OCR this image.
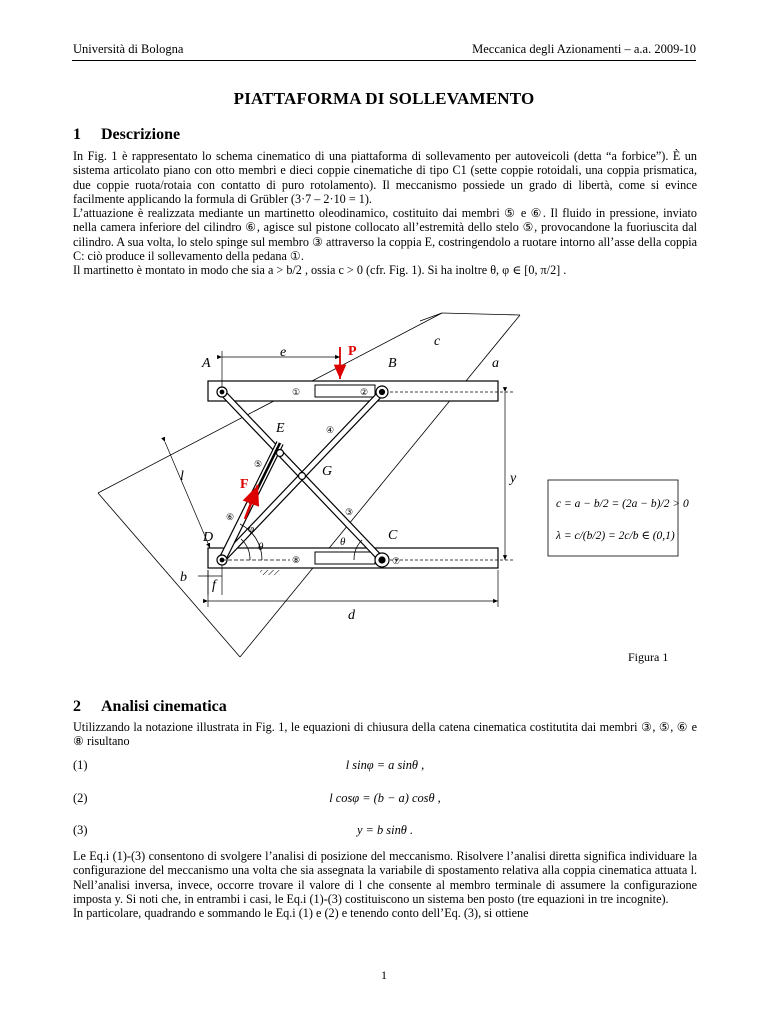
Università di Bologna	Meccanica degli Azionamenti – a.a. 2009-10
PIATTAFORMA DI SOLLEVAMENTO
1 Descrizione

In Fig. 1 è rappresentato lo schema cinematico di una piattaforma di sollevamento per autoveicoli (detta “a forbice”). È un sistema articolato piano con otto membri e dieci coppie cinematiche di tipo C1 (sette coppie rotoidali, una coppia prismatica, due coppie ruota/rotaia con contatto di puro rotolamento). Il meccanismo possiede un grado di libertà, come si evince facilmente applicando la formula di Grübler (3·7 – 2·10 = 1).

L’attuazione è realizzata mediante un martinetto oleodinamico, costituito dai membri ⑤ e ⑥. Il fluido in pressione, inviato nella camera inferiore del cilindro ⑥, agisce sul pistone collocato all’estremità dello stelo ⑤, provocandone la fuoriuscita dal cilindro. A sua volta, lo stelo spinge sul membro ③ attraverso la coppia E, costringendolo a ruotare intorno all’asse della coppia C: ciò produce il sollevamento della pedana ①.

Il martinetto è montato in modo che sia a > b/2 , ossia c > 0 (cfr. Fig. 1). Si ha inoltre θ, φ ∈ [0, π/2] .

A	B
C
D
E
G
e
l	y
d
f
b
a
c
θ
φ
θ
P
F
①	②
③
④
⑤
⑥
⑦
⑧
c = a − b/2 = (2a − b)/2 > 0
λ = c/(b/2) = 2c/b ∈ (0,1)
Figura 1
2 Analisi cinematica
Utilizzando la notazione illustrata in Fig. 1, le equazioni di chiusura della catena cinematica costitutita dai membri ③, ⑤, ⑥ e ⑧ risultano
(1)	l sinφ = a sinθ ,
(2)	l cosφ = (b − a) cosθ ,
(3)	y = b sinθ .

Le Eq.i (1)-(3) consentono di svolgere l’analisi di posizione del meccanismo. Risolvere l’analisi diretta significa individuare la configurazione del meccanismo una volta che sia assegnata la variabile di spostamento relativa alla coppia cinematica attuata l. Nell’analisi inversa, invece, occorre trovare il valore di l che consente al membro terminale di assumere la configurazione imposta y. Si noti che, in entrambi i casi, le Eq.i (1)-(3) costituiscono un sistema ben posto (tre equazioni in tre incognite).

In particolare, quadrando e sommando le Eq.i (1) e (2) e tenendo conto dell’Eq. (3), si ottiene

1
